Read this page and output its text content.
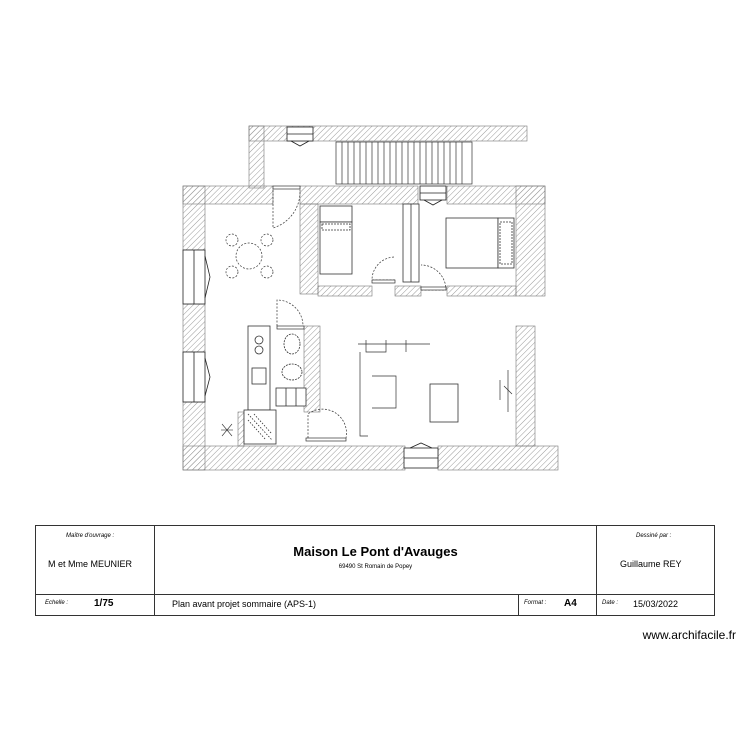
Maître d'ouvrage :
M et Mme MEUNIER
Maison Le Pont d'Avauges
69490 St Romain de Popey
Dessiné par :
Guillaume REY
Echelle :	1/75	Plan avant projet sommaire (APS-1)	Format : A4	Date : 15/03/2022
www.archifacile.fr
